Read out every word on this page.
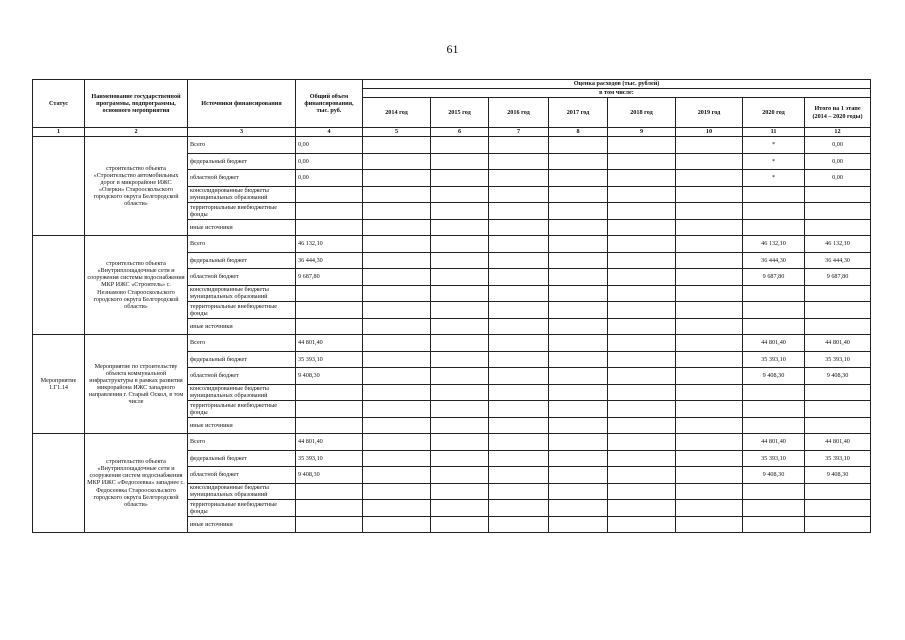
61
Статус	Наименование государственной программы, подпрограммы, основного мероприятия	Источники финансирования	Общий объем финансирования, тыс. руб.	Оценка расходов (тыс. рублей)							
				в том числе:							
				2014 год	2015 год	2016 год	2017 год	2018 год	2019 год	2020 год	Итого на 1 этапе (2014 – 2020 годы)
1	2	3	4	5	6	7	8	9	10	11	12
	строительство объекта «Строительство автомобильных дорог в микрорайоне ИЖС «Озерки» Старооскольского городского округа Белгородской области»	Всего	0,00							*	0,00
		федеральный бюджет	0,00							*	0,00
		областной бюджет	0,00							*	0,00
		консолидированные бюджеты муниципальных образований									
		территориальные внебюджетные фонды									
		иные источники									
	строительство объекта «Внутриплощадочные сети и сооружения системы водоснабжения МКР ИЖС «Строитель» с. Незнамово Старооскольского городского округа Белгородской области»	Всего	46 132,10							46 132,10	46 132,10
		федеральный бюджет	36 444,30							36 444,30	36 444,30
		областной бюджет	9 687,80							9 687,80	9 687,80
		консолидированные бюджеты муниципальных образований									
		территориальные внебюджетные фонды									
		иные источники									
Мероприятие 1.Г1.14	Мероприятие по строительству объекта коммунальной инфраструктуры в рамках развития микрорайона ИЖС западного направления г. Старый Оскол, в том числе	Всего	44 801,40							44 801,40	44 801,40
		федеральный бюджет	35 393,10							35 393,10	35 393,10
		областной бюджет	9 408,30							9 408,30	9 408,30
		консолидированные бюджеты муниципальных образований									
		территориальные внебюджетные фонды									
		иные источники									
	строительство объекта «Внутриплощадочные сети и сооружения систем водоснабжения МКР ИЖС «Федосеевка» западнее с. Федосеевка Старооскольского городского округа Белгородской области»	Всего	44 801,40							44 801,40	44 801,40
		федеральный бюджет	35 393,10							35 393,10	35 393,10
		областной бюджет	9 408,30							9 408,30	9 408,30
		консолидированные бюджеты муниципальных образований									
		территориальные внебюджетные фонды									
		иные источники									
